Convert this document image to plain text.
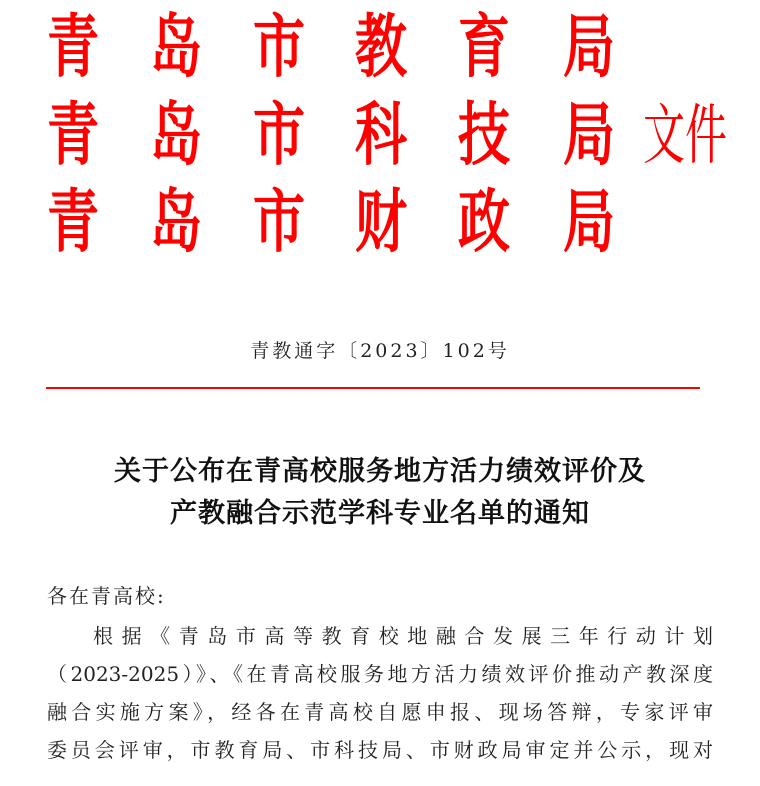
青 岛 市 教 育 局
青 岛 市 科 技 局 文件
青 岛 市 财 政 局
青教通字〔2023〕102号
关于公布在青高校服务地方活力绩效评价及
产教融合示范学科专业名单的通知
各在青高校:
根据《青岛市高等教育校地融合发展三年行动计划
（2023-2025）》、《在青高校服务地方活力绩效评价推动产教深度
融合实施方案》，经各在青高校自愿申报、现场答辩，专家评审
委员会评审，市教育局、市科技局、市财政局审定并公示，现对
